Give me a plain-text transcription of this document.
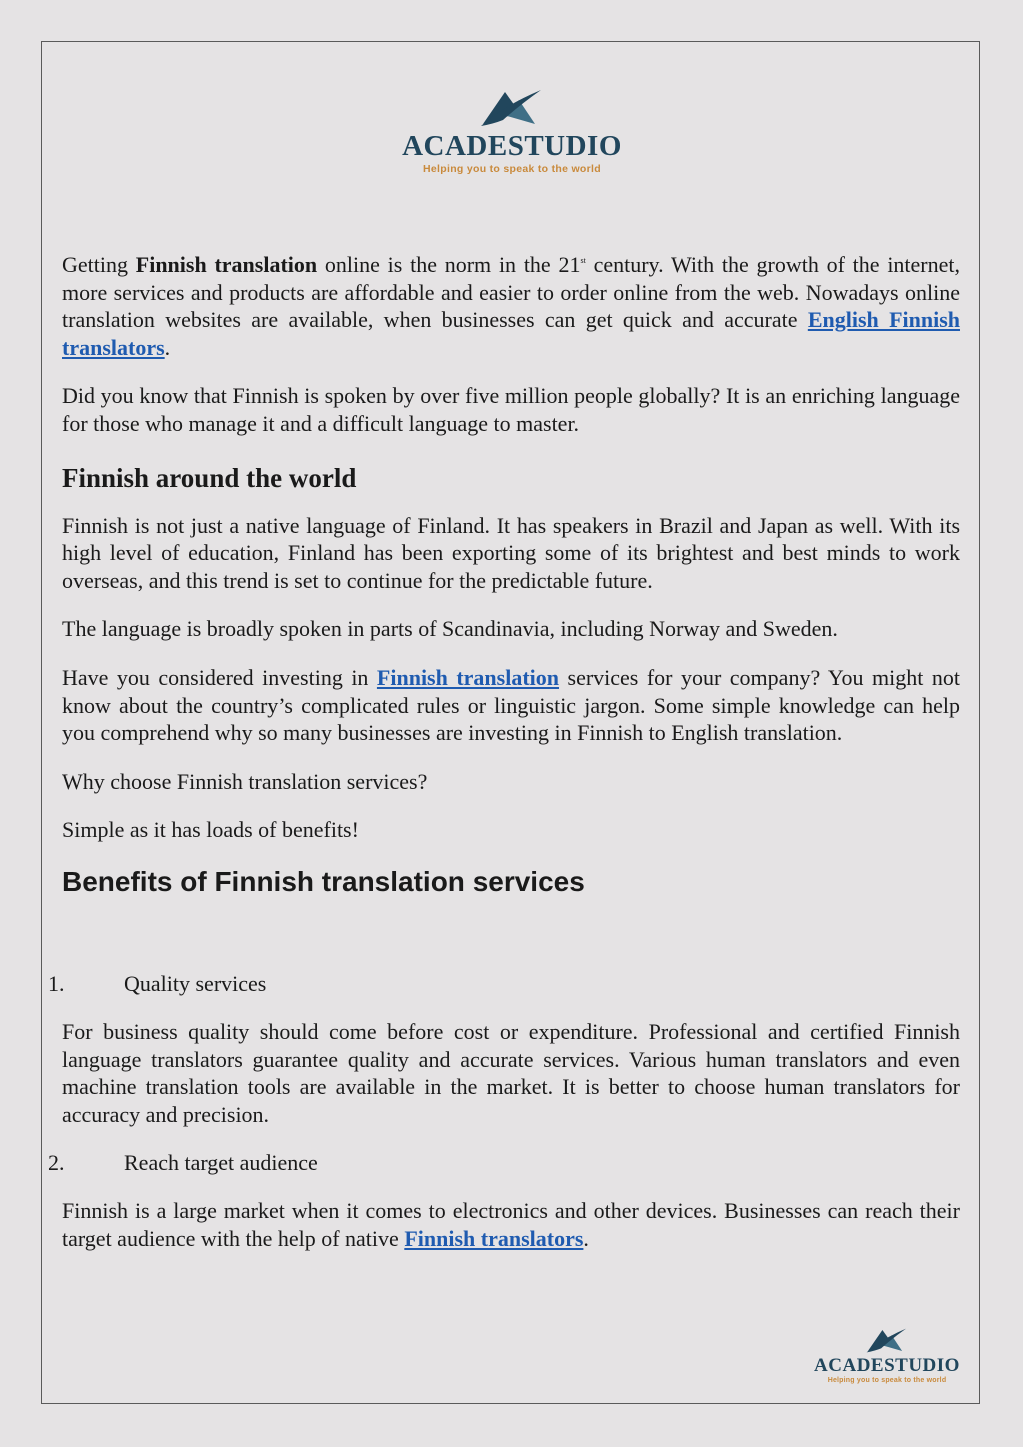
ACADESTUDIO
Helping you to speak to the world

Getting Finnish translation online is the norm in the 21st century. With the growth of the internet, more services and products are affordable and easier to order online from the web. Nowadays online translation websites are available, when businesses can get quick and accurate English Finnish translators.

Did you know that Finnish is spoken by over five million people globally? It is an enriching language for those who manage it and a difficult language to master.

Finnish around the world

Finnish is not just a native language of Finland. It has speakers in Brazil and Japan as well. With its high level of education, Finland has been exporting some of its brightest and best minds to work overseas, and this trend is set to continue for the predictable future.

The language is broadly spoken in parts of Scandinavia, including Norway and Sweden.

Have you considered investing in Finnish translation services for your company? You might not know about the country’s complicated rules or linguistic jargon. Some simple knowledge can help you comprehend why so many businesses are investing in Finnish to English translation.

Why choose Finnish translation services?

Simple as it has loads of benefits!

Benefits of Finnish translation services
1.	Quality services

For business quality should come before cost or expenditure. Professional and certified Finnish language translators guarantee quality and accurate services. Various human translators and even machine translation tools are available in the market. It is better to choose human translators for accuracy and precision.

2.	Reach target audience

Finnish is a large market when it comes to electronics and other devices. Businesses can reach their target audience with the help of native Finnish translators.

ACADESTUDIO
Helping you to speak to the world
